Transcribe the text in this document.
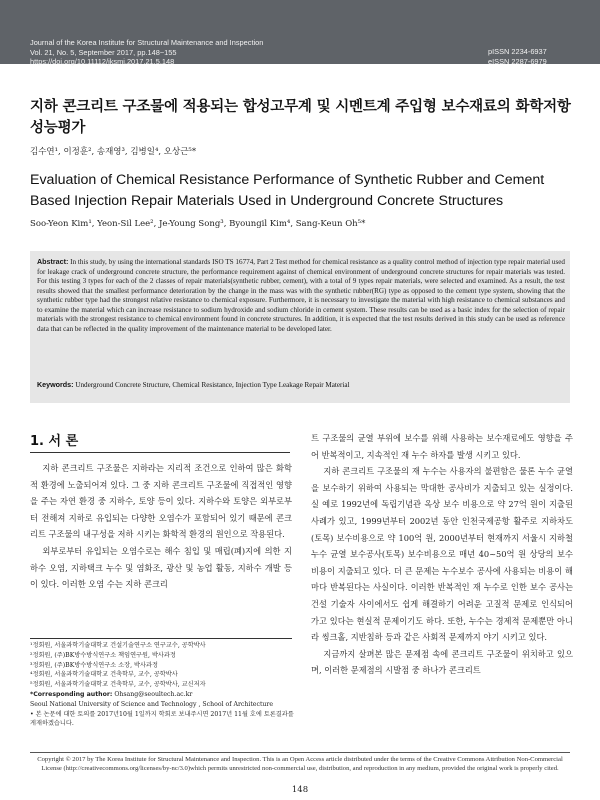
Journal of the Korea Institute for Structural Maintenance and Inspection
Vol. 21, No. 5, September 2017, pp.148~155
https://doi.org/10.11112/jksmi.2017.21.5.148
pISSN 2234-6937
eISSN 2287-6979
지하 콘크리트 구조물에 적용되는 합성고무계 및 시멘트계 주입형 보수재료의 화학저항성능평가
김수연¹, 이정훈², 송재영³, 김병일⁴, 오상근⁵*
Evaluation of Chemical Resistance Performance of Synthetic Rubber and Cement Based Injection Repair Materials Used in Underground Concrete Structures
Soo-Yeon Kim¹, Yeon-Sil Lee², Je-Young Song³, Byoungil Kim⁴, Sang-Keun Oh⁵*
Abstract: In this study, by using the international standards ISO TS 16774, Part 2 Test method for chemical resistance as a quality control method of injection type repair material used for leakage crack of underground concrete structure, the performance requirement against of chemical environment of underground concrete structures for repair materials was tested. For this testing 3 types for each of the 2 classes of repair materials(synthetic rubber, cement), with a total of 9 types repair materials, were selected and examined. As a result, the test results showed that the smallest performance deterioration by the change in the mass was with the synthetic rubber(RG) type as opposed to the cement type system, showing that the synthetic rubber type had the strongest relative resistance to chemical exposure. Furthermore, it is necessary to investigate the material with high resistance to chemical substances and to examine the material which can increase resistance to sodium hydroxide and sodium chloride in cement system. These results can be used as a basic index for the selection of repair materials with the strongest resistance to chemical environment found in concrete structures. In addition, it is expected that the test results derived in this study can be used as reference data that can be reflected in the quality improvement of the maintenance material to be developed later.
Keywords: Underground Concrete Structure, Chemical Resistance, Injection Type Leakage Repair Material
1. 서 론

지하 콘크리트 구조물은 지하라는 지리적 조건으로 인하여 많은 화학적 환경에 노출되어져 있다. 그 중 지하 콘크리트 구조물에 직접적인 영향을 주는 자연 환경 중 지하수, 토양 등이 있다. 지하수와 토양은 외부로부터 전해져 지하로 유입되는 다양한 오염수가 포함되어 있기 때문에 콘크리트 구조물의 내구성을 저하 시키는 화학적 환경의 원인으로 작용된다.

외부로부터 유입되는 오염수로는 해수 침입 및 매립(폐)지에 의한 지하수 오염, 지하택크 누수 및 염화조, 광산 및 농업 활동, 지하수 개발 등이 있다. 이러한 오염 수는 지하 콘크리

트 구조물의 균열 부위에 보수를 위해 사용하는 보수재료에도 영향을 주어 반복적이고, 지속적인 재 누수 하자를 발생 시키고 있다.

지하 콘크리트 구조물의 재 누수는 사용자의 불편함은 물론 누수 균열을 보수하기 위하여 사용되는 막대한 공사비가 지출되고 있는 실정이다. 실 예로 1992년에 독립기념관 옥상 보수 비용으로 약 27억 원이 지출된 사례가 있고, 1999년부터 2002년 동안 인천국제공항 활주로 지하차도(토목) 보수비용으로 약 100억 원, 2000년부터 현재까지 서울시 지하철 누수 균열 보수공사(토목) 보수비용으로 매년 40~50억 원 상당의 보수비용이 지출되고 있다. 더 큰 문제는 누수보수 공사에 사용되는 비용이 해마다 반복된다는 사실이다. 이러한 반복적인 재 누수로 인한 보수 공사는 건설 기술자 사이에서도 쉽게 해결하기 어려운 고질적 문제로 인식되어 가고 있다는 현실적 문제이기도 하다. 또한, 누수는 경제적 문제뿐만 아니라 씽크홀, 지반침하 등과 같은 사회적 문제까지 야기 시키고 있다.

지금까지 살펴본 많은 문제점 속에 콘크리트 구조물이 위치하고 있으며, 이러한 문제점의 시발점 중 하나가 콘크리트

¹정회원, 서울과학기술대학교 건설기술연구소 연구교수, 공학박사
²정회원, (주)BK방수방식연구소 책임연구원, 박사과정
³정회원, (주)BK방수방식연구소 소장, 박사과정
⁴정회원, 서울과학기술대학교 건축학부, 교수, 공학박사
⁵정회원, 서울과학기술대학교 건축학부, 교수, 공학박사, 교신저자
*Corresponding author: Ohsang@seoultech.ac.kr
Seoul National University of Science and Technology , School of Architecture
• 본 논문에 대한 토의를 2017년10월 1일까지 학회로 보내주시면 2017년 11월 호에 토론결과를 게재하겠습니다.
Copyright © 2017 by The Korea Institute for Structural Maintenance and Inspection. This is an Open Access article distributed under the terms of the Creative Commons Attribution Non-Commercial License (http://creativecommons.org/licenses/by-nc/3.0)which permits unrestricted non-commercial use, distribution, and reproduction in any medium, provided the original work is properly cited.
148
